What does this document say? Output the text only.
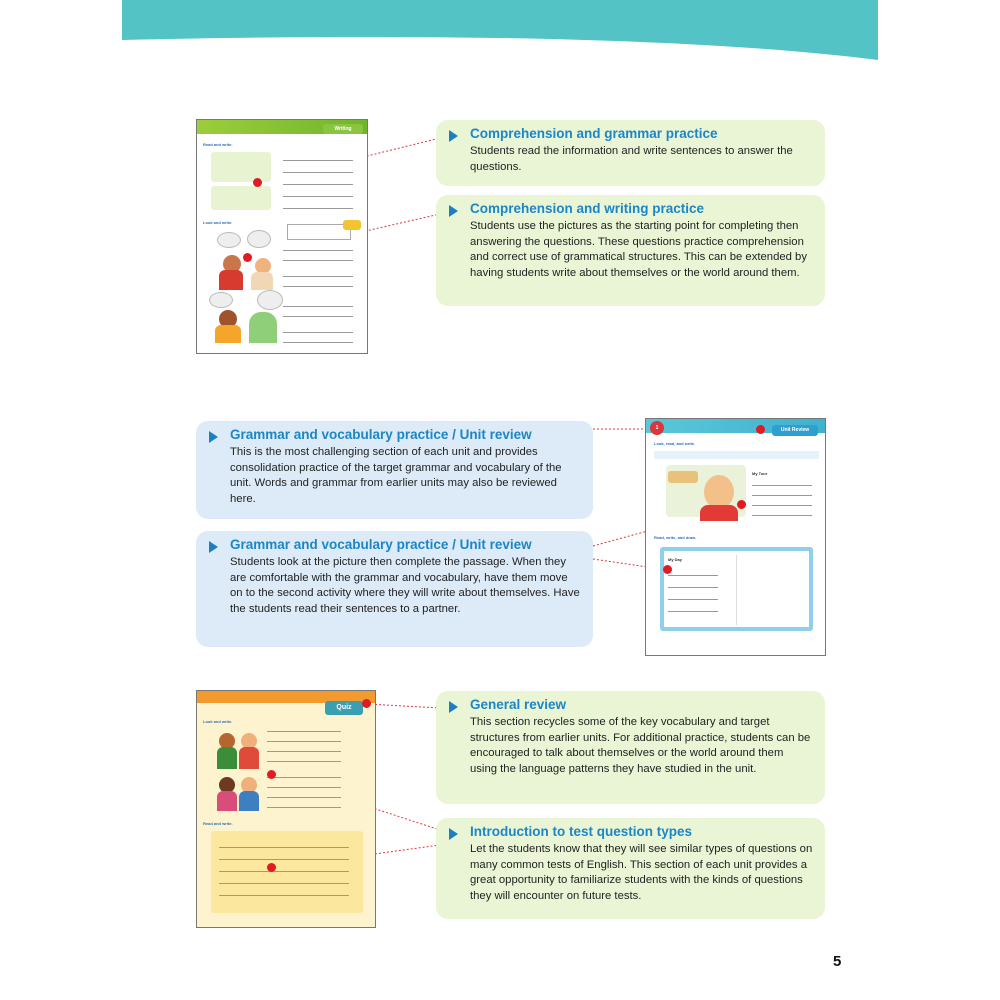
Writing
Read and write.
Look and write.
1	Unit Review
Look, read, and write.
My Tour
Read, write, and draw.
My Day
Quiz
Look and write.
Read and write.
Comprehension and grammar practice

Students read the information and write sentences to answer the questions.

Comprehension and writing practice

Students use the pictures as the starting point for completing then answering the questions. These questions practice comprehension and correct use of grammatical structures. This can be extended by having students write about themselves or the world around them.

Grammar and vocabulary practice / Unit review

This is the most challenging section of each unit and provides consolidation practice of the target grammar and vocabulary of the unit. Words and grammar from earlier units may also be reviewed here.

Grammar and vocabulary practice / Unit review

Students look at the picture then complete the passage. When they are comfortable with the grammar and vocabulary, have them move on to the second activity where they will write about themselves. Have the students read their sentences to a partner.

General review

This section recycles some of the key vocabulary and target structures from earlier units. For additional practice, students can be encouraged to talk about themselves or the world around them using the language patterns they have studied in the unit.

Introduction to test question types

Let the students know that they will see similar types of questions on many common tests of English. This section of each unit provides a great opportunity to familiarize students with the kinds of questions they will encounter on future tests.

5
